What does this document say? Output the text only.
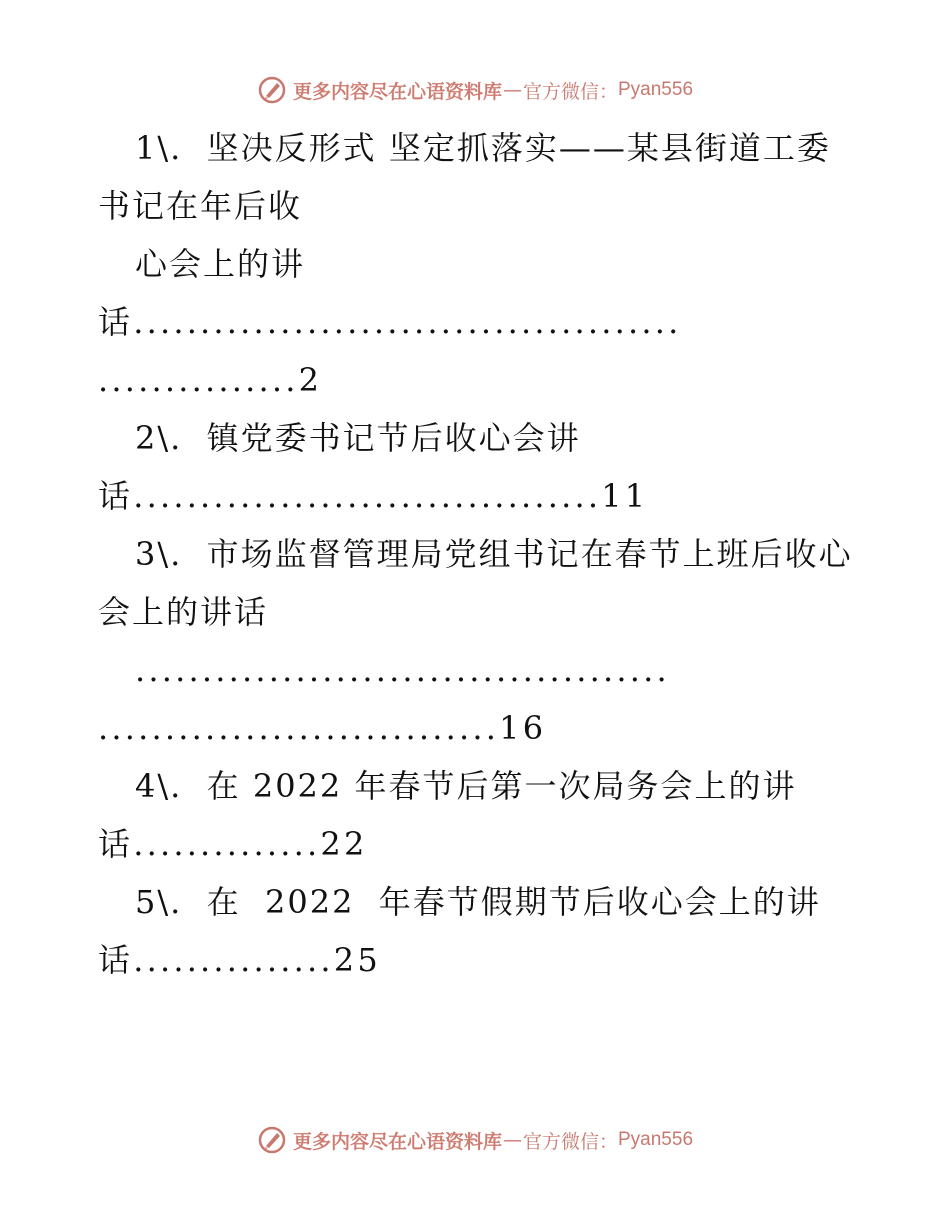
更多内容尽在心语资料库 — 官方微信： Pyan556
1\.  坚决反形式 坚定抓落实——某县街道工委
书记在年后收
心会上的讲
话.........................................
...............2
2\.  镇党委书记节后收心会讲
话...................................11
3\.  市场监督管理局党组书记在春节上班后收心
会上的讲话
........................................
..............................16
4\.  在 2022 年春节后第一次局务会上的讲
话..............22
5\.  在  2022  年春节假期节后收心会上的讲
话...............25
更多内容尽在心语资料库 — 官方微信： Pyan556
